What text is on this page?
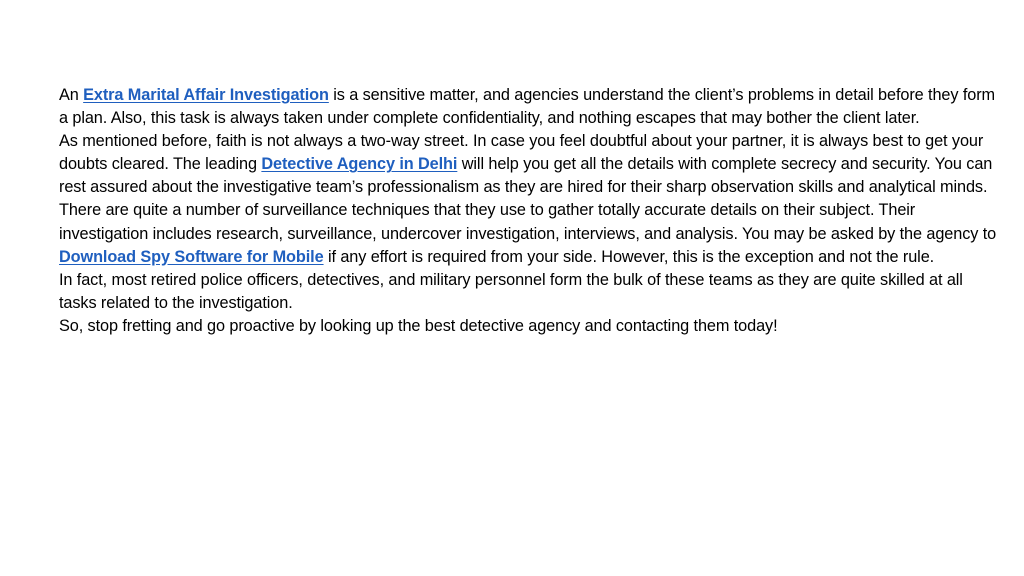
An Extra Marital Affair Investigation is a sensitive matter, and agencies understand the client’s problems in detail before they form a plan. Also, this task is always taken under complete confidentiality, and nothing escapes that may bother the client later.

As mentioned before, faith is not always a two-way street. In case you feel doubtful about your partner, it is always best to get your doubts cleared. The leading Detective Agency in Delhi will help you get all the details with complete secrecy and security. You can rest assured about the investigative team’s professionalism as they are hired for their sharp observation skills and analytical minds. There are quite a number of surveillance techniques that they use to gather totally accurate details on their subject. Their investigation includes research, surveillance, undercover investigation, interviews, and analysis. You may be asked by the agency to Download Spy Software for Mobile if any effort is required from your side. However, this is the exception and not the rule.

In fact, most retired police officers, detectives, and military personnel form the bulk of these teams as they are quite skilled at all tasks related to the investigation.

So, stop fretting and go proactive by looking up the best detective agency and contacting them today!
